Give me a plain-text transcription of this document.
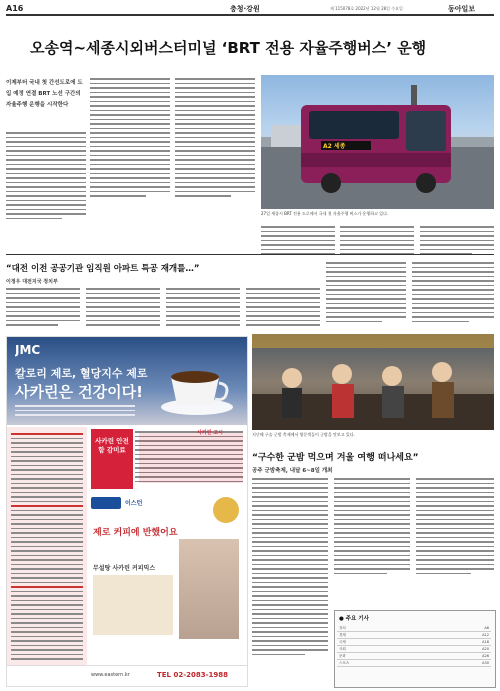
A16	충청·강원	제 115078호 2022년 12월 28일 수요일	동아일보
오송역~세종시외버스터미널 ‘BRT 전용 자율주행버스’ 운행
이제부터 국내 첫 간선도로에 도입 예정 연결 BRT 노선 구간의 자율주행 운행을 시작한다
A2 세종
27일 세종시 BRT 전용 도로에서 국내 첫 자율주행 버스가 운행하고 있다.
“대전 이전 공공기관 임직원 아파트 특공 재개를…”
이정우 대전지국 정치부
JMC
칼로리 제로, 혈당지수 제로
사카린은 건강이다!
사카린 안전함 감미료
사카린 고시
이스턴
제로 커피에 반했어요
무설탕 사카린 커피믹스
www.eastern.kr	TEL 02-2083-1988
지난해 구술 군밤 축제에서 방문객들이 군밤을 맛보고 있다.
“구수한 군밤 먹으며 겨울 여행 떠나세요”
공주 군밤축제, 내달 6~8일 개최
● 주요 기사
정치	A6
경제	A12
국제	A18
사회	A20
문화	A26
스포츠	A30
